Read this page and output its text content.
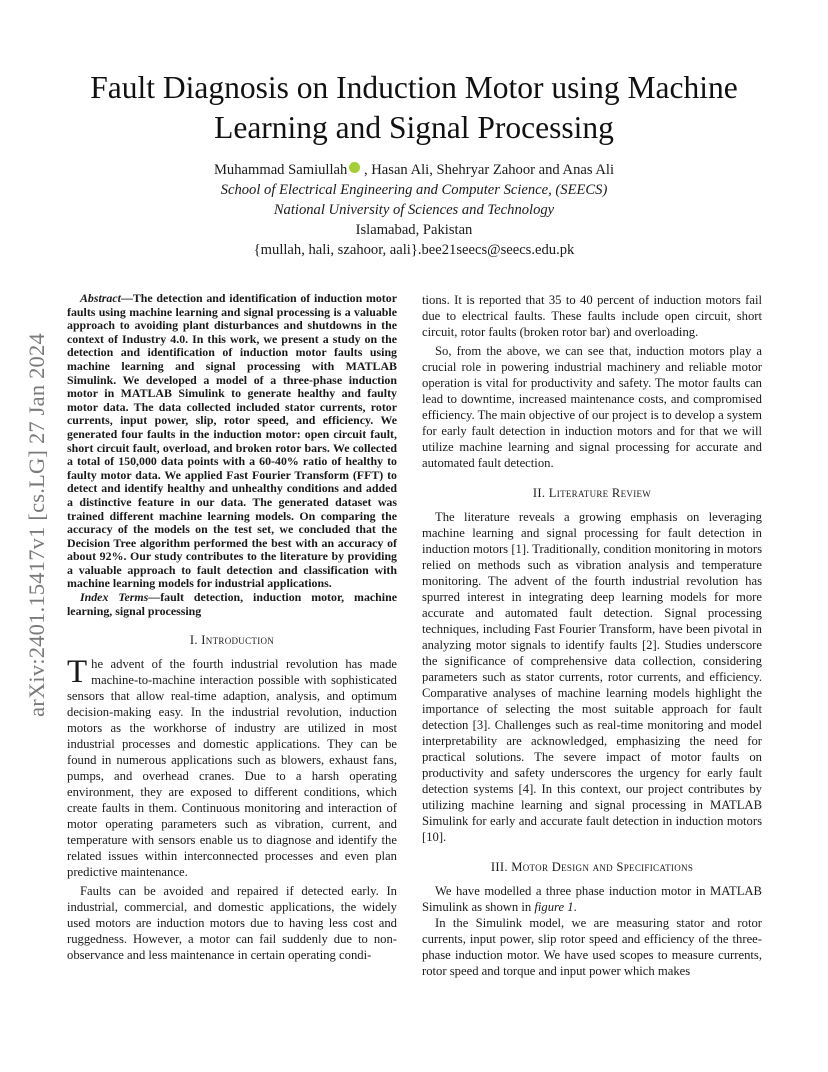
arXiv:2401.15417v1 [cs.LG] 27 Jan 2024
Fault Diagnosis on Induction Motor using Machine Learning and Signal Processing
Muhammad Samiullah , Hasan Ali, Shehryar Zahoor and Anas Ali
School of Electrical Engineering and Computer Science, (SEECS)
National University of Sciences and Technology
Islamabad, Pakistan
{mullah, hali, szahoor, aali}.bee21seecs@seecs.edu.pk

Abstract—The detection and identification of induction motor faults using machine learning and signal processing is a valuable approach to avoiding plant disturbances and shutdowns in the context of Industry 4.0. In this work, we present a study on the detection and identification of induction motor faults using machine learning and signal processing with MATLAB Simulink. We developed a model of a three-phase induction motor in MATLAB Simulink to generate healthy and faulty motor data. The data collected included stator currents, rotor currents, input power, slip, rotor speed, and efficiency. We generated four faults in the induction motor: open circuit fault, short circuit fault, overload, and broken rotor bars. We collected a total of 150,000 data points with a 60-40% ratio of healthy to faulty motor data. We applied Fast Fourier Transform (FFT) to detect and identify healthy and unhealthy conditions and added a distinctive feature in our data. The generated dataset was trained different machine learning models. On comparing the accuracy of the models on the test set, we concluded that the Decision Tree algorithm performed the best with an accuracy of about 92%. Our study contributes to the literature by providing a valuable approach to fault detection and classification with machine learning models for industrial applications.

Index Terms—fault detection, induction motor, machine learning, signal processing

I. Introduction

The advent of the fourth industrial revolution has made machine-to-machine interaction possible with sophisticated sensors that allow real-time adaption, analysis, and optimum decision-making easy. In the industrial revolution, induction motors as the workhorse of industry are utilized in most industrial processes and domestic applications. They can be found in numerous applications such as blowers, exhaust fans, pumps, and overhead cranes. Due to a harsh operating environment, they are exposed to different conditions, which create faults in them. Continuous monitoring and interaction of motor operating parameters such as vibration, current, and temperature with sensors enable us to diagnose and identify the related issues within interconnected processes and even plan predictive maintenance.

Faults can be avoided and repaired if detected early. In industrial, commercial, and domestic applications, the widely used motors are induction motors due to having less cost and ruggedness. However, a motor can fail suddenly due to non-observance and less maintenance in certain operating condi-

tions. It is reported that 35 to 40 percent of induction motors fail due to electrical faults. These faults include open circuit, short circuit, rotor faults (broken rotor bar) and overloading.

So, from the above, we can see that, induction motors play a crucial role in powering industrial machinery and reliable motor operation is vital for productivity and safety. The motor faults can lead to downtime, increased maintenance costs, and compromised efficiency. The main objective of our project is to develop a system for early fault detection in induction motors and for that we will utilize machine learning and signal processing for accurate and automated fault detection.

II. Literature Review

The literature reveals a growing emphasis on leveraging machine learning and signal processing for fault detection in induction motors [1]. Traditionally, condition monitoring in motors relied on methods such as vibration analysis and temperature monitoring. The advent of the fourth industrial revolution has spurred interest in integrating deep learning models for more accurate and automated fault detection. Signal processing techniques, including Fast Fourier Transform, have been pivotal in analyzing motor signals to identify faults [2]. Studies underscore the significance of comprehensive data collection, considering parameters such as stator currents, rotor currents, and efficiency. Comparative analyses of machine learning models highlight the importance of selecting the most suitable approach for fault detection [3]. Challenges such as real-time monitoring and model interpretability are acknowledged, emphasizing the need for practical solutions. The severe impact of motor faults on productivity and safety underscores the urgency for early fault detection systems [4]. In this context, our project contributes by utilizing machine learning and signal processing in MATLAB Simulink for early and accurate fault detection in induction motors [10].

III. Motor Design and Specifications

We have modelled a three phase induction motor in MATLAB Simulink as shown in figure 1.

In the Simulink model, we are measuring stator and rotor currents, input power, slip rotor speed and efficiency of the three-phase induction motor. We have used scopes to measure currents, rotor speed and torque and input power which makes
